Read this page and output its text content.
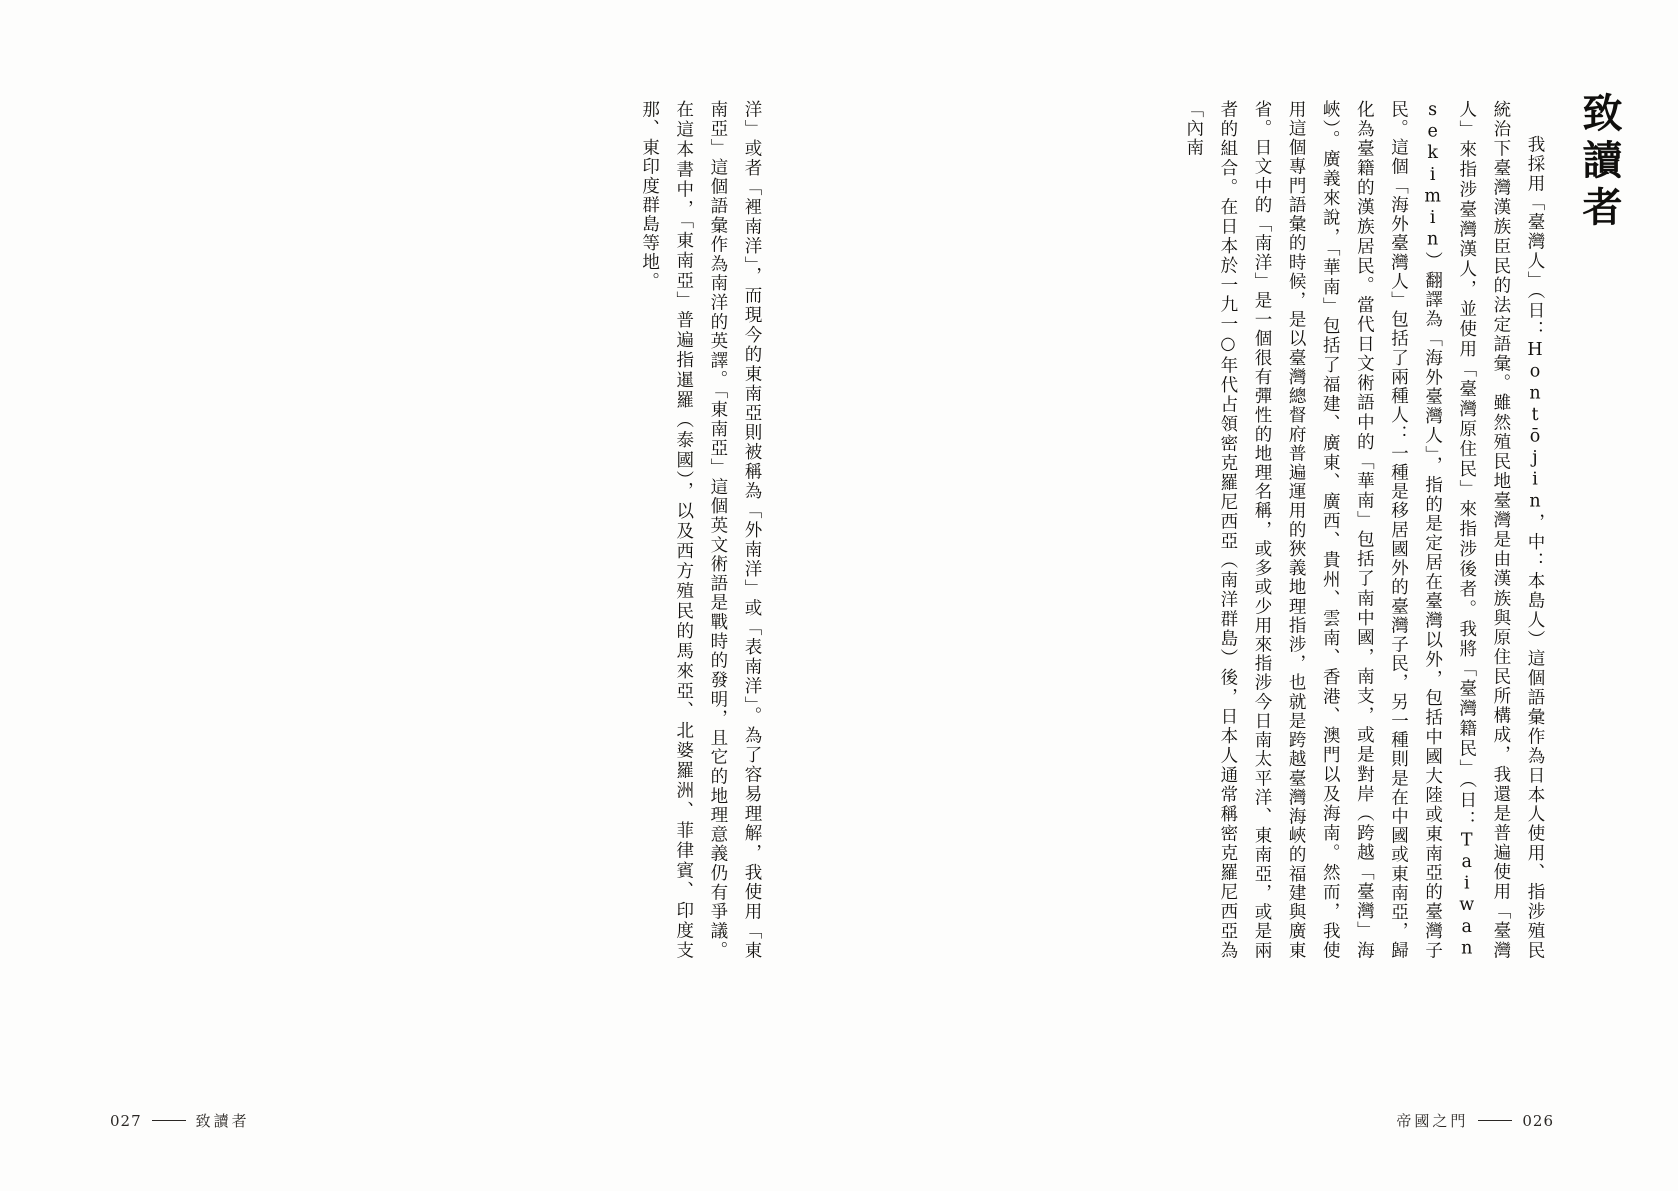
致讀者
我採用「臺灣人」（日：Hontōjin，中：本島人）這個語彙作為日本人使用、指涉殖民統治下臺灣漢族臣民的法定語彙。雖然殖民地臺灣是由漢族與原住民所構成，我還是普遍使用「臺灣人」來指涉臺灣漢人，並使用「臺灣原住民」來指涉後者。我將「臺灣籍民」（日：Taiwan sekimin）翻譯為「海外臺灣人」，指的是定居在臺灣以外，包括中國大陸或東南亞的臺灣子民。這個「海外臺灣人」包括了兩種人：一種是移居國外的臺灣子民，另一種則是在中國或東南亞，歸化為臺籍的漢族居民。當代日文術語中的「華南」包括了南中國，南支，或是對岸（跨越「臺灣」海峽）。廣義來說，「華南」包括了福建、廣東、廣西、貴州、雲南、香港、澳門以及海南。然而，我使用這個專門語彙的時候，是以臺灣總督府普遍運用的狹義地理指涉，也就是跨越臺灣海峽的福建與廣東省。日文中的「南洋」是一個很有彈性的地理名稱，或多或少用來指涉今日南太平洋、東南亞，或是兩者的組合。在日本於一九一○年代占領密克羅尼西亞（南洋群島）後，日本人通常稱密克羅尼西亞為「內南
帝國之門	026
洋」或者「裡南洋」，而現今的東南亞則被稱為「外南洋」或「表南洋」。為了容易理解，我使用「東南亞」這個語彙作為南洋的英譯。「東南亞」這個英文術語是戰時的發明，且它的地理意義仍有爭議。在這本書中，「東南亞」普遍指暹羅（泰國），以及西方殖民的馬來亞、北婆羅洲、菲律賓、印度支那、東印度群島等地。
027	致讀者
